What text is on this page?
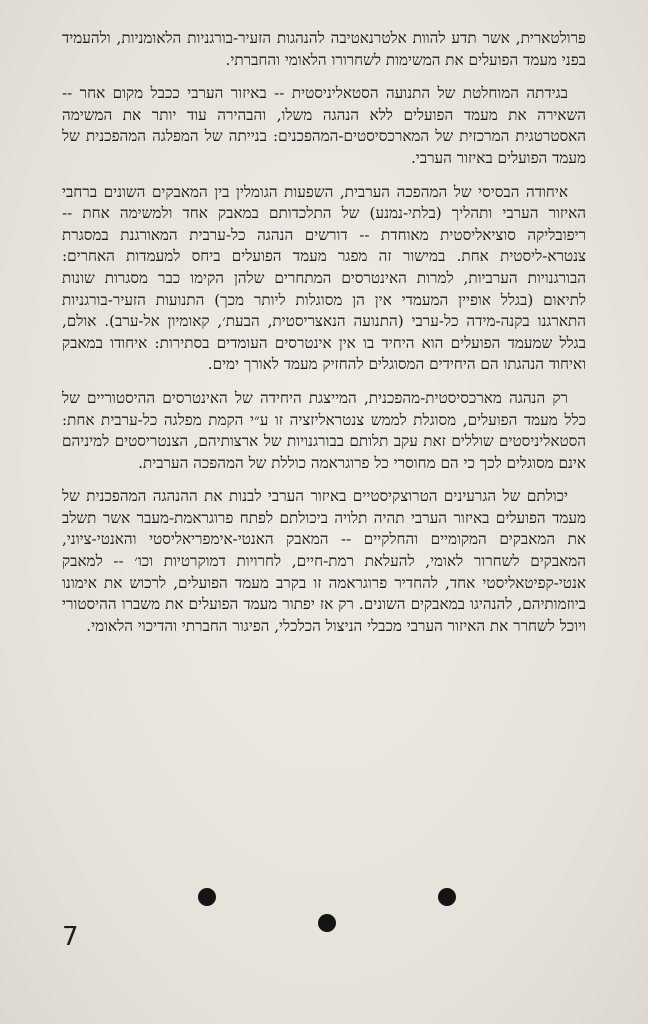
פרולטארית, אשר תדע להוות אלטרנאטיבה להנהגות הזעיר-בורגניות הלאומניות, ולהעמיד בפני מעמד הפועלים את המשימות לשחרורו הלאומי והחברתי.

בגידתה המוחלטת של התנועה הסטאליניסטית -- באיזור הערבי ככבל מקום אחר -- השאירה את מעמד הפועלים ללא הנהגה משלו, והבהירה עוד יותר את המשימה האסטרטגית המרכזית של המארכסיסטים-המהפכנים: בנייתה של המפלגה המהפכנית של מעמד הפועלים באיזור הערבי.

איחודה הבסיסי של המהפכה הערבית, השפעות הגומלין בין המאבקים השונים ברחבי האיזור הערבי ותהליך (בלתי-נמנע) של התלכדותם במאבק אחד ולמשימה אחת -- ריפובליקה סוציאליסטית מאוחדת -- דורשים הנהגה כל-ערבית המאורגנת במסגרת צנטרא-ליסטית אחת. במישור זה מפגר מעמד הפועלים ביחס למעמדות האחרים: הבורגנויות הערביות, למרות האינטרסים המתחרים שלהן הקימו כבר מסגרות שונות לתיאום (בגלל אופיין המעמדי אין הן מסוגלות ליותר מכך) התנועות הזעיר-בורגניות התארגנו בקנה-מידה כל-ערבי (התנועה הנאצריסטית, הבעת׳, קאומיון אל-ערב). אולם, בגלל שמעמד הפועלים הוא היחיד בו אין אינטרסים העומדים בסתירות: איחודו במאבק ואיחוד הנהגתו הם היחידים המסוגלים להחזיק מעמד לאורך ימים.

רק הנהגה מארכסיסטית-מהפכנית, המייצגת היחידה של האינטרסים ההיסטוריים של כלל מעמד הפועלים, מסוגלת לממש צנטראליזציה זו ע״י הקמת מפלגה כל-ערבית אחת: הסטאליניסטים שוללים זאת עקב תלותם בבורגנויות של ארצותיהם, הצנטריסטים למיניהם אינם מסוגלים לכך כי הם מחוסרי כל פרוגראמה כוללת של המהפכה הערבית.

יכולתם של הגרעינים הטרוצקיסטיים באיזור הערבי לבנות את ההנהגה המהפכנית של מעמד הפועלים באיזור הערבי תהיה תלויה ביכולתם לפתח פרוגראמת-מעבר אשר תשלב את המאבקים המקומיים והחלקיים -- המאבק האנטי-אימפריאליסטי והאנטי-ציוני, המאבקים לשחרור לאומי, להעלאת רמת-חיים, לחרויות דמוקרטיות וכו׳ -- למאבק אנטי-קפיטאליסטי אחד, להחדיר פרוגראמה זו בקרב מעמד הפועלים, לרכוש את אימונו ביוזמותיהם, להנהיגו במאבקים השונים. רק אז יפתור מעמד הפועלים את משברו ההיסטורי ויוכל לשחרר את האיזור הערבי מכבלי הניצול הכלכלי, הפיגור החברתי והדיכוי הלאומי.

7
